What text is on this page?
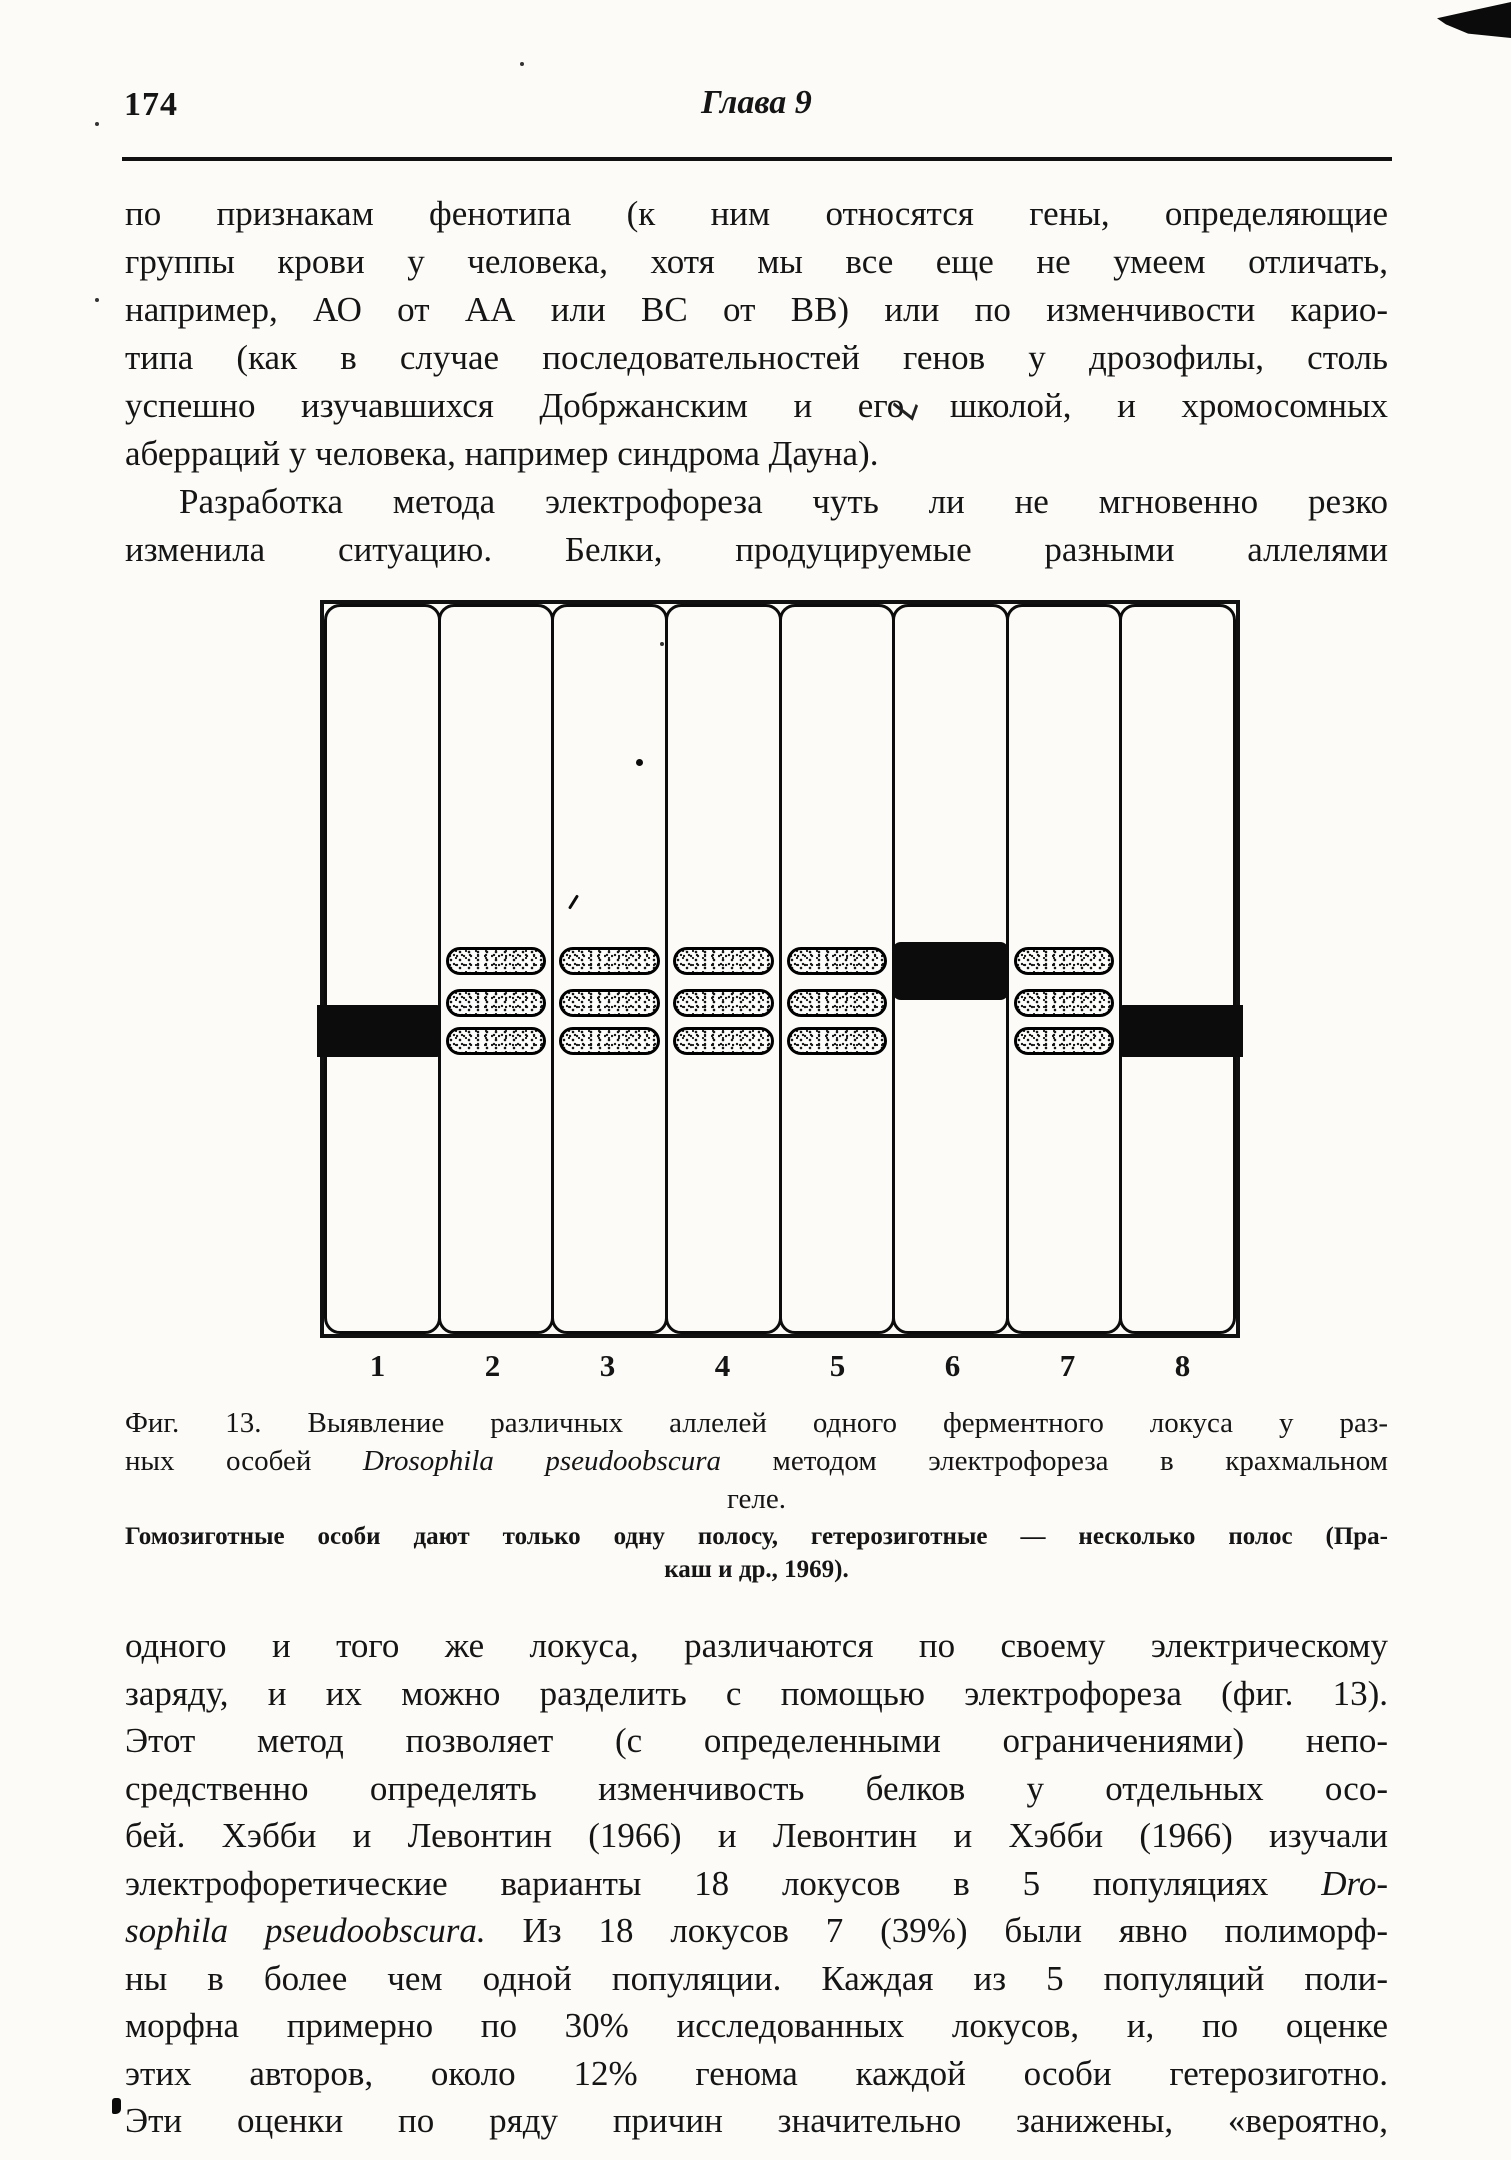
174	Глава 9
по признакам фенотипа (к ним относятся гены, определяющие
группы крови у человека, хотя мы все еще не умеем отличать,
например, АО от АА или ВС от ВВ) или по изменчивости карио-
типа (как в случае последовательностей генов у дрозофилы, столь
успешно изучавшихся Добржанским и его школой, и хромосомных
аберраций у человека, например синдрома Дауна).
Разработка метода электрофореза чуть ли не мгновенно резко
изменила ситуацию. Белки, продуцируемые разными аллелями
1	2	3	4	5	6	7	8
Фиг. 13. Выявление различных аллелей одного ферментного локуса у раз-
ных особей Drosophila pseudoobscura методом электрофореза в крахмальном
геле.
Гомозиготные особи дают только одну полосу, гетерозиготные — несколько полос (Пра-
каш и др., 1969).
одного и того же локуса, различаются по своему электрическому
заряду, и их можно разделить с помощью электрофореза (фиг. 13).
Этот метод позволяет (с определенными ограничениями) непо-
средственно определять изменчивость белков у отдельных осо-
бей. Хэбби и Левонтин (1966) и Левонтин и Хэбби (1966) изучали
электрофоретические варианты 18 локусов в 5 популяциях Dro-
sophila pseudoobscura. Из 18 локусов 7 (39%) были явно полиморф-
ны в более чем одной популяции. Каждая из 5 популяций поли-
морфна примерно по 30% исследованных локусов, и, по оценке
этих авторов, около 12% генома каждой особи гетерозиготно.
Эти оценки по ряду причин значительно занижены, «вероятно,
